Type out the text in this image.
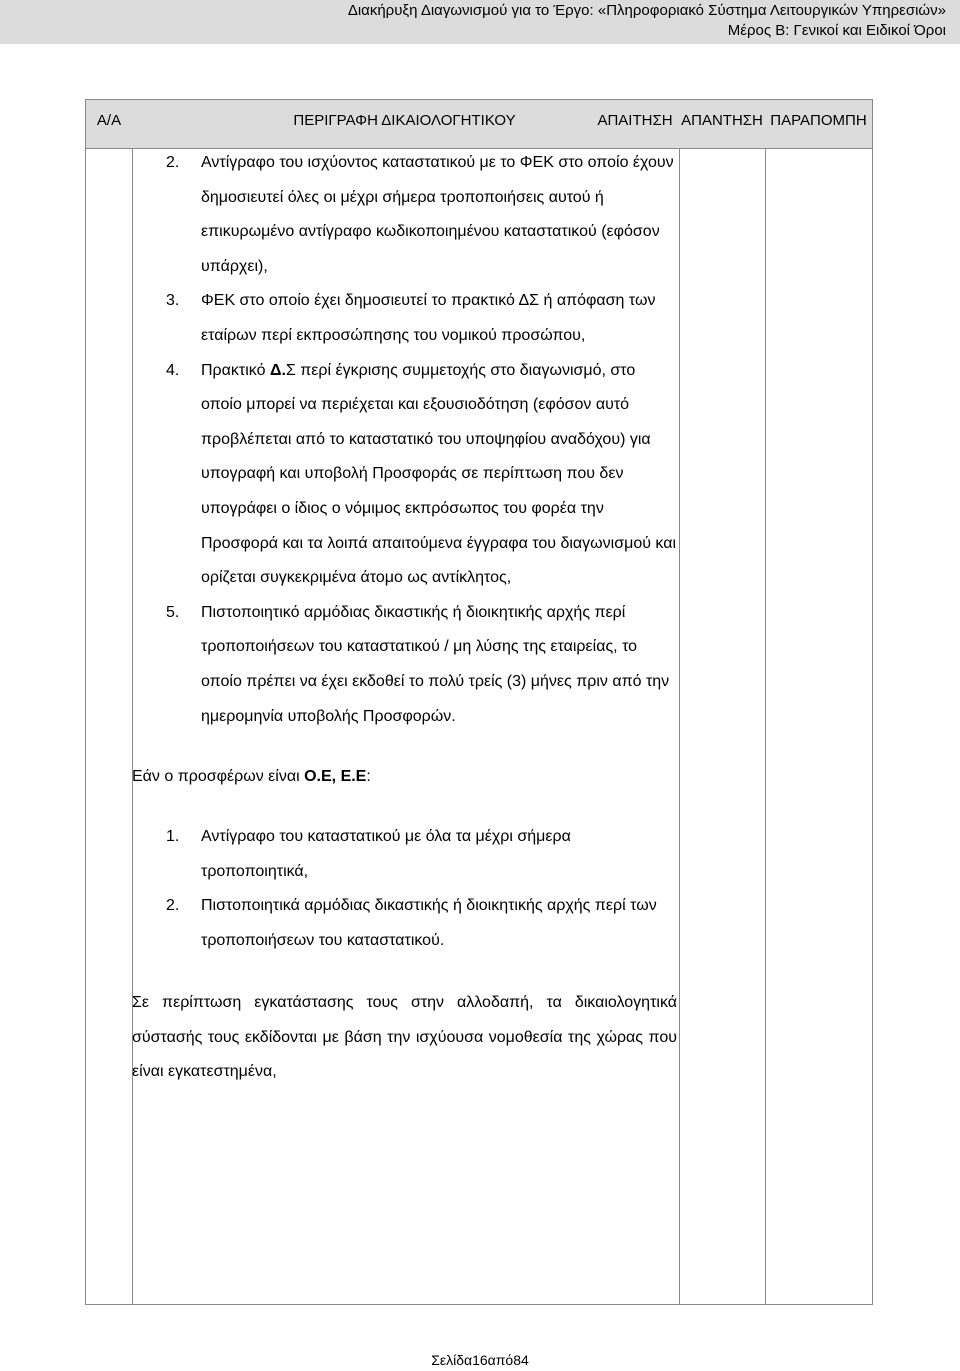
Διακήρυξη Διαγωνισμού για το Έργο: «Πληροφοριακό Σύστημα Λειτουργικών Υπηρεσιών»
Μέρος Β: Γενικοί και Ειδικοί Όροι
Α/Α	ΠΕΡΙΓΡΑΦΗ ΔΙΚΑΙΟΛΟΓΗΤΙΚΟΥ	ΑΠΑΙΤΗΣΗ ΑΠΑΝΤΗΣΗ ΠΑΡΑΠΟΜΠΗ
2. Αντίγραφο του ισχύοντος καταστατικού με το ΦΕΚ στο οποίο έχουν δημοσιευτεί όλες οι μέχρι σήμερα τροποποιήσεις αυτού ή επικυρωμένο αντίγραφο κωδικοποιημένου καταστατικού (εφόσον υπάρχει),
3. ΦΕΚ στο οποίο έχει δημοσιευτεί το πρακτικό ΔΣ ή απόφαση των εταίρων περί εκπροσώπησης του νομικού προσώπου,
4. Πρακτικό Δ.Σ περί έγκρισης συμμετοχής στο διαγωνισμό, στο οποίο μπορεί να περιέχεται και εξουσιοδότηση (εφόσον αυτό προβλέπεται από το καταστατικό του υποψηφίου αναδόχου) για υπογραφή και υποβολή Προσφοράς σε περίπτωση που δεν υπογράφει ο ίδιος ο νόμιμος εκπρόσωπος του φορέα την Προσφορά και τα λοιπά απαιτούμενα έγγραφα του διαγωνισμού και ορίζεται συγκεκριμένα άτομο ως αντίκλητος,
5. Πιστοποιητικό αρμόδιας δικαστικής ή διοικητικής αρχής περί τροποποιήσεων του καταστατικού / μη λύσης της εταιρείας, το οποίο πρέπει να έχει εκδοθεί το πολύ τρείς (3) μήνες πριν από την ημερομηνία υποβολής Προσφορών.

Εάν ο προσφέρων είναι Ο.Ε, Ε.Ε:

1. Αντίγραφο του καταστατικού με όλα τα μέχρι σήμερα τροποποιητικά,
2. Πιστοποιητικά αρμόδιας δικαστικής ή διοικητικής αρχής περί των τροποποιήσεων του καταστατικού.

Σε περίπτωση εγκατάστασης τους στην αλλοδαπή, τα δικαιολογητικά σύστασής τους εκδίδονται με βάση την ισχύουσα νομοθεσία της χώρας που είναι εγκατεστημένα,

Σελίδα16από84
